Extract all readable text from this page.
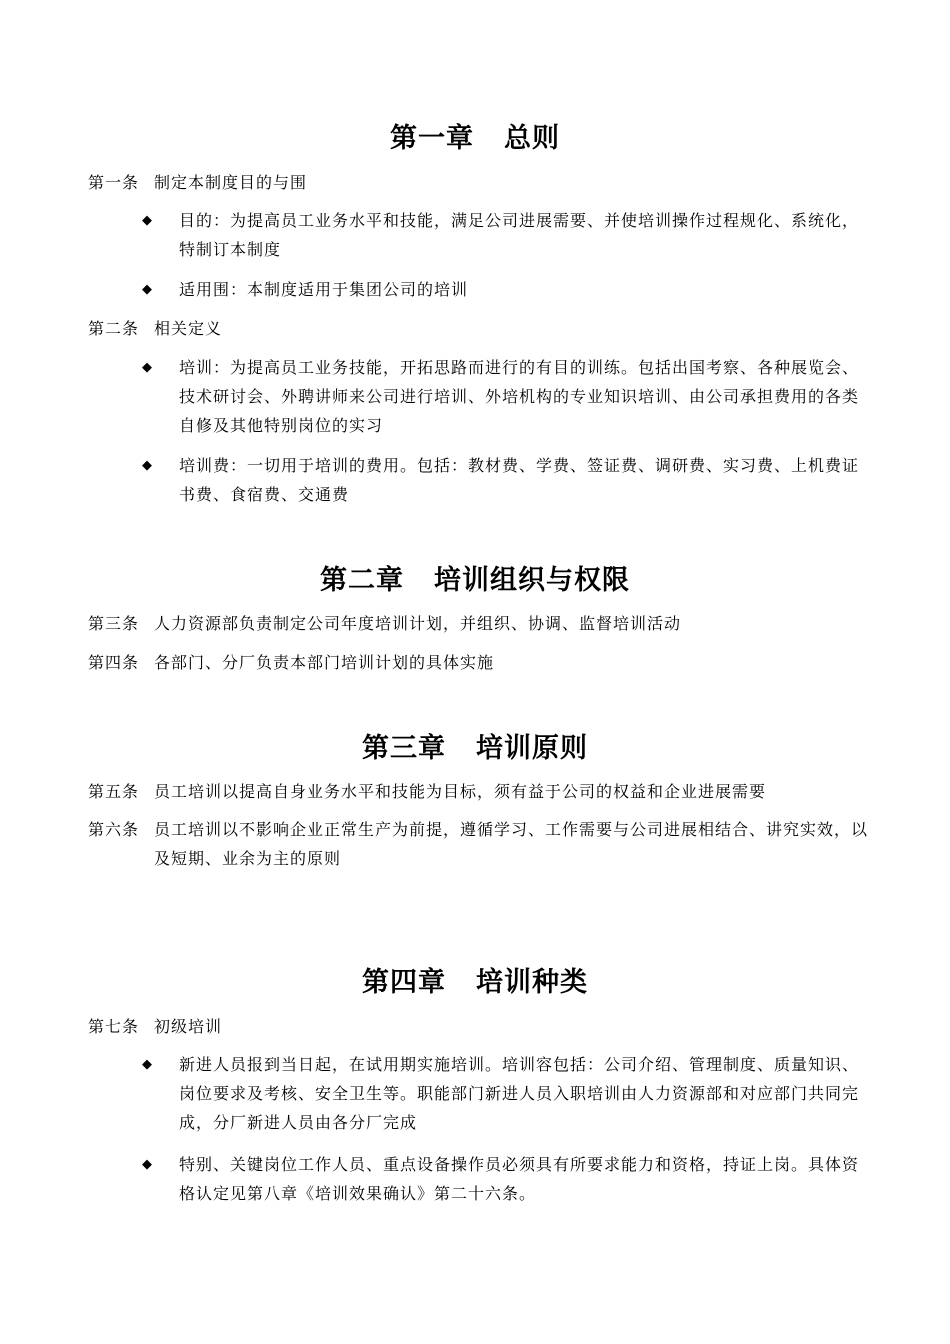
第一章 总则
第一条 制定本制度目的与围
◆ 目的：为提高员工业务水平和技能，满足公司进展需要、并使培训操作过程规化、系统化，特制订本制度
◆ 适用围：本制度适用于集团公司的培训
第二条 相关定义
◆ 培训：为提高员工业务技能，开拓思路而进行的有目的训练。包括出国考察、各种展览会、技术研讨会、外聘讲师来公司进行培训、外培机构的专业知识培训、由公司承担费用的各类自修及其他特别岗位的实习
◆ 培训费：一切用于培训的费用。包括：教材费、学费、签证费、调研费、实习费、上机费证书费、食宿费、交通费
第二章 培训组织与权限
第三条 人力资源部负责制定公司年度培训计划，并组织、协调、监督培训活动
第四条 各部门、分厂负责本部门培训计划的具体实施
第三章 培训原则
第五条 员工培训以提高自身业务水平和技能为目标，须有益于公司的权益和企业进展需要
第六条 员工培训以不影响企业正常生产为前提，遵循学习、工作需要与公司进展相结合、讲究实效，以及短期、业余为主的原则
第四章 培训种类
第七条 初级培训
◆ 新进人员报到当日起，在试用期实施培训。培训容包括：公司介绍、管理制度、质量知识、岗位要求及考核、安全卫生等。职能部门新进人员入职培训由人力资源部和对应部门共同完成，分厂新进人员由各分厂完成
◆ 特别、关键岗位工作人员、重点设备操作员必须具有所要求能力和资格，持证上岗。具体资格认定见第八章《培训效果确认》第二十六条。
